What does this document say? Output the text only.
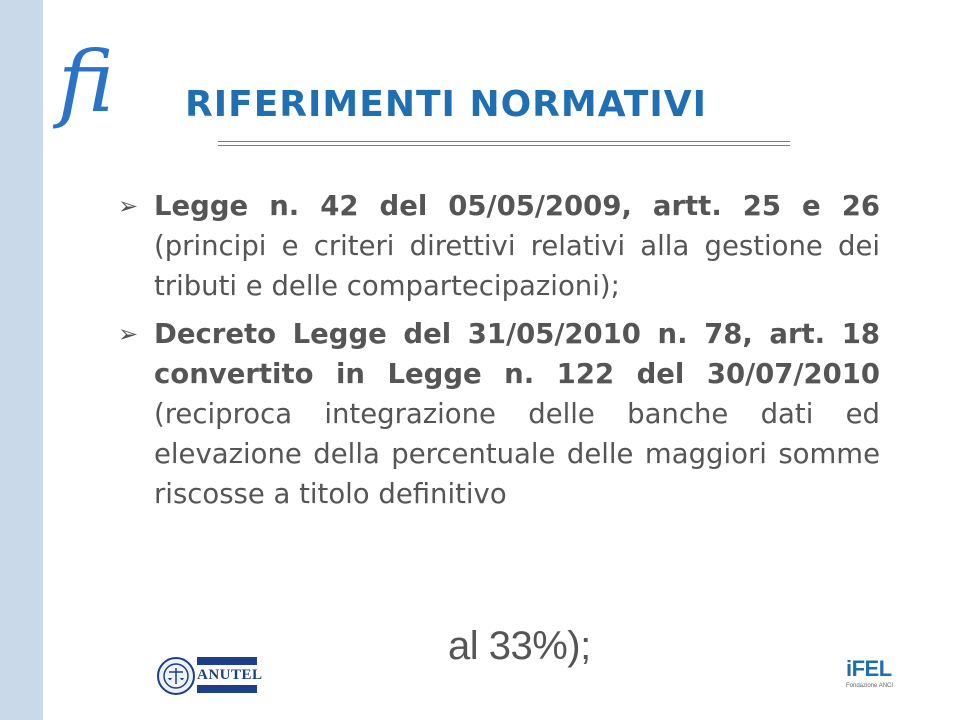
fi RIFERIMENTI NORMATIVI
➢ Legge n. 42 del 05/05/2009, artt. 25 e 26 (principi e criteri direttivi relativi alla gestione dei tributi e delle compartecipazioni);
➢ Decreto Legge del 31/05/2010 n. 78, art. 18 convertito in Legge n. 122 del 30/07/2010 (reciproca integrazione delle banche dati ed elevazione della percentuale delle maggiori somme riscosse a titolo definitivo
al 33%);
ANUTEL	iFEL
Fondazione ANCI
